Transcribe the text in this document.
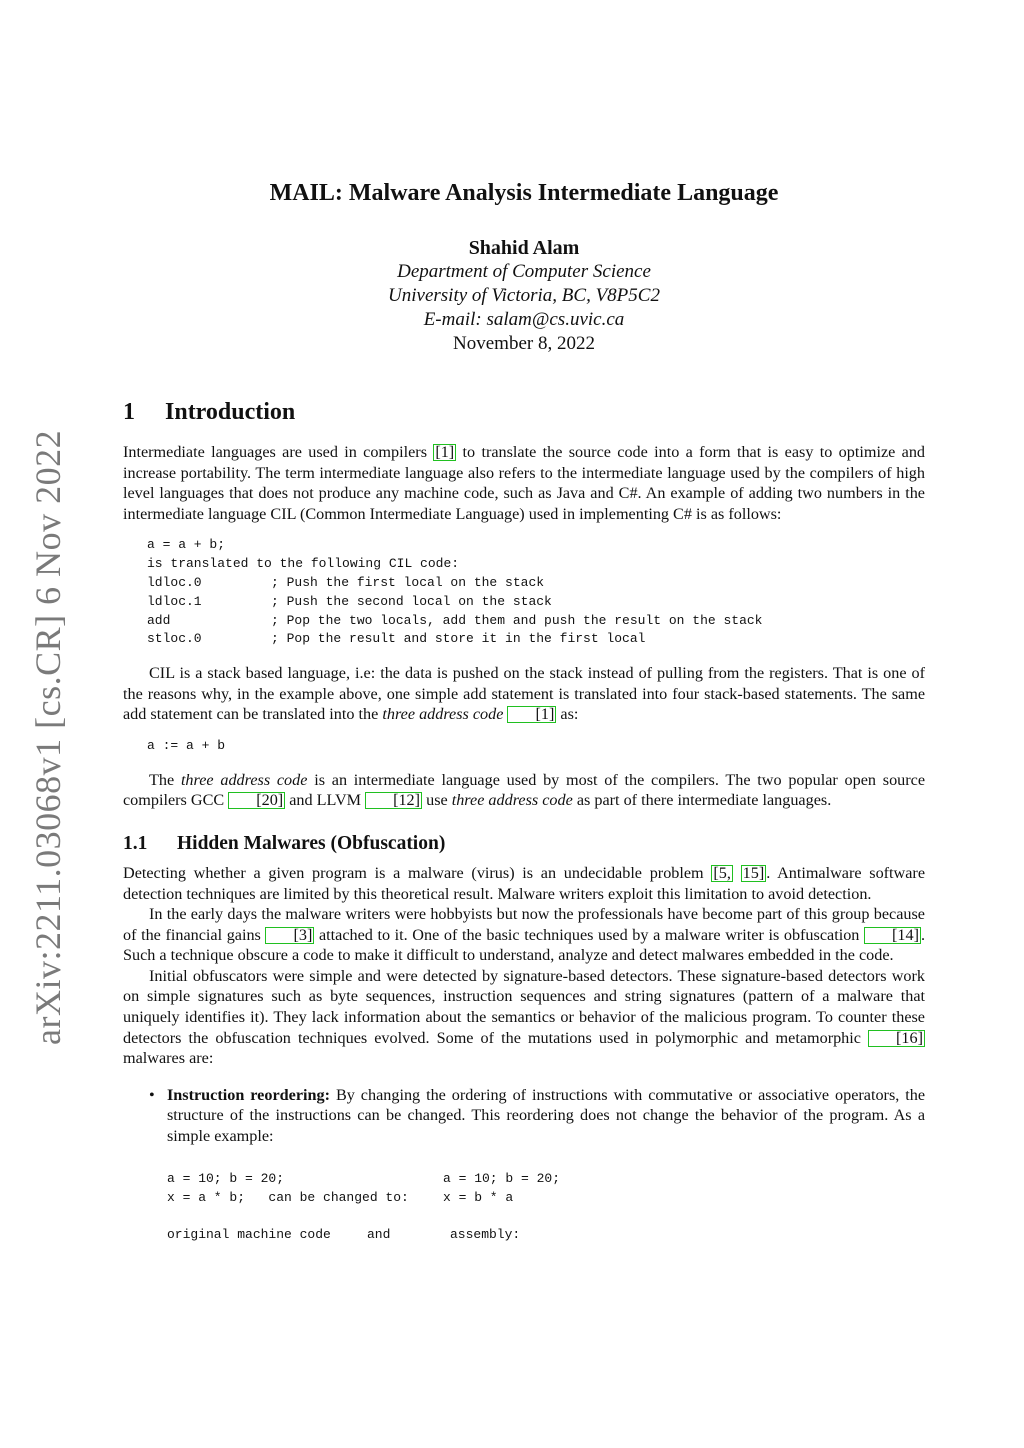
arXiv:2211.03068v1 [cs.CR] 6 Nov 2022
MAIL: Malware Analysis Intermediate Language
Shahid Alam
Department of Computer Science
University of Victoria, BC, V8P5C2
E-mail: salam@cs.uvic.ca
November 8, 2022
1 Introduction

Intermediate languages are used in compilers [1] to translate the source code into a form that is easy to optimize and increase portability. The term intermediate language also refers to the intermediate language used by the compilers of high level languages that does not produce any machine code, such as Java and C#. An example of adding two numbers in the intermediate language CIL (Common Intermediate Language) used in implementing C# is as follows:

a = a + b;
is translated to the following CIL code:
ldloc.0	; Push the first local on the stack
ldloc.1	; Push the second local on the stack
add	; Pop the two locals, add them and push the result on the stack
stloc.0	; Pop the result and store it in the first local

CIL is a stack based language, i.e: the data is pushed on the stack instead of pulling from the registers. That is one of the reasons why, in the example above, one simple add statement is translated into four stack-based statements. The same add statement can be translated into the three address code [1] as:

a := a + b

The three address code is an intermediate language used by most of the compilers. The two popular open source compilers GCC [20] and LLVM [12] use three address code as part of there intermediate languages.

1.1 Hidden Malwares (Obfuscation)

Detecting whether a given program is a malware (virus) is an undecidable problem [5, 15] . Antimalware software detection techniques are limited by this theoretical result. Malware writers exploit this limitation to avoid detection.

In the early days the malware writers were hobbyists but now the professionals have become part of this group because of the financial gains [3] attached to it. One of the basic techniques used by a malware writer is obfuscation [14] . Such a technique obscure a code to make it difficult to understand, analyze and detect malwares embedded in the code.

Initial obfuscators were simple and were detected by signature-based detectors. These signature-based detectors work on simple signatures such as byte sequences, instruction sequences and string signatures (pattern of a malware that uniquely identifies it). They lack information about the semantics or behavior of the malicious program. To counter these detectors the obfuscation techniques evolved. Some of the mutations used in polymorphic and metamorphic [16] malwares are:

• Instruction reordering: By changing the ordering of instructions with commutative or associative operators, the structure of the instructions can be changed. This reordering does not change the behavior of the program. As a simple example:
a = 10; b = 20;	a = 10; b = 20;
x = a * b;   can be changed to:	x = b * a
original machine code	and	assembly:
